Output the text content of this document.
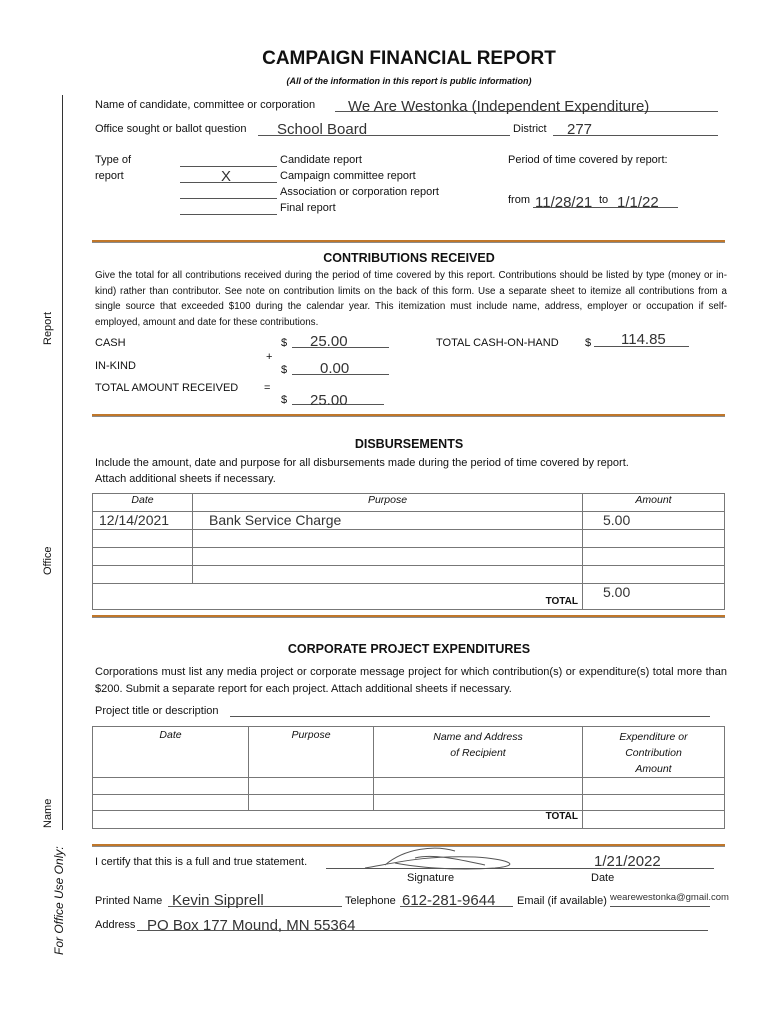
CAMPAIGN FINANCIAL REPORT
(All of the information in this report is public information)
Report
Office
Name
For Office Use Only:
Name of candidate, committee or corporation We Are Westonka (Independent Expenditure)
Office sought or ballot question School Board	District 277
Type of
report
Candidate report
X	Campaign committee report
Association or corporation report
Final report
Period of time covered by report:
from 11/28/21 to 1/1/22
CONTRIBUTIONS RECEIVED
Give the total for all contributions received during the period of time covered by this report. Contributions should be listed by type (money or in-kind) rather than contributor. See note on contribution limits on the back of this form. Use a separate sheet to itemize all contributions from a single source that exceeded $100 during the calendar year. This itemization must include name, address, employer or occupation if self-employed, amount and date for these contributions.
CASH	$ 25.00
+
IN-KIND	$ 0.00
TOTAL AMOUNT RECEIVED =
$ 25.00
TOTAL CASH-ON-HAND $ 114.85
DISBURSEMENTS
Include the amount, date and purpose for all disbursements made during the period of time covered by report.
Attach additional sheets if necessary.
Date	Purpose	Amount
12/14/2021	Bank Service Charge	5.00

	TOTAL	5.00
CORPORATE PROJECT EXPENDITURES
Corporations must list any media project or corporate message project for which contribution(s) or expenditure(s) total more than $200. Submit a separate report for each project. Attach additional sheets if necessary.
Project title or description
Date	Purpose	Name and Address of Recipient	Expenditure or Contribution Amount

		TOTAL	
I certify that this is a full and true statement.	1/21/2022
Signature	Date
Printed Name Kevin Sipprell	Telephone 612-281-9644 Email (if available) wearewestonka@gmail.com
Address PO Box 177 Mound, MN 55364
